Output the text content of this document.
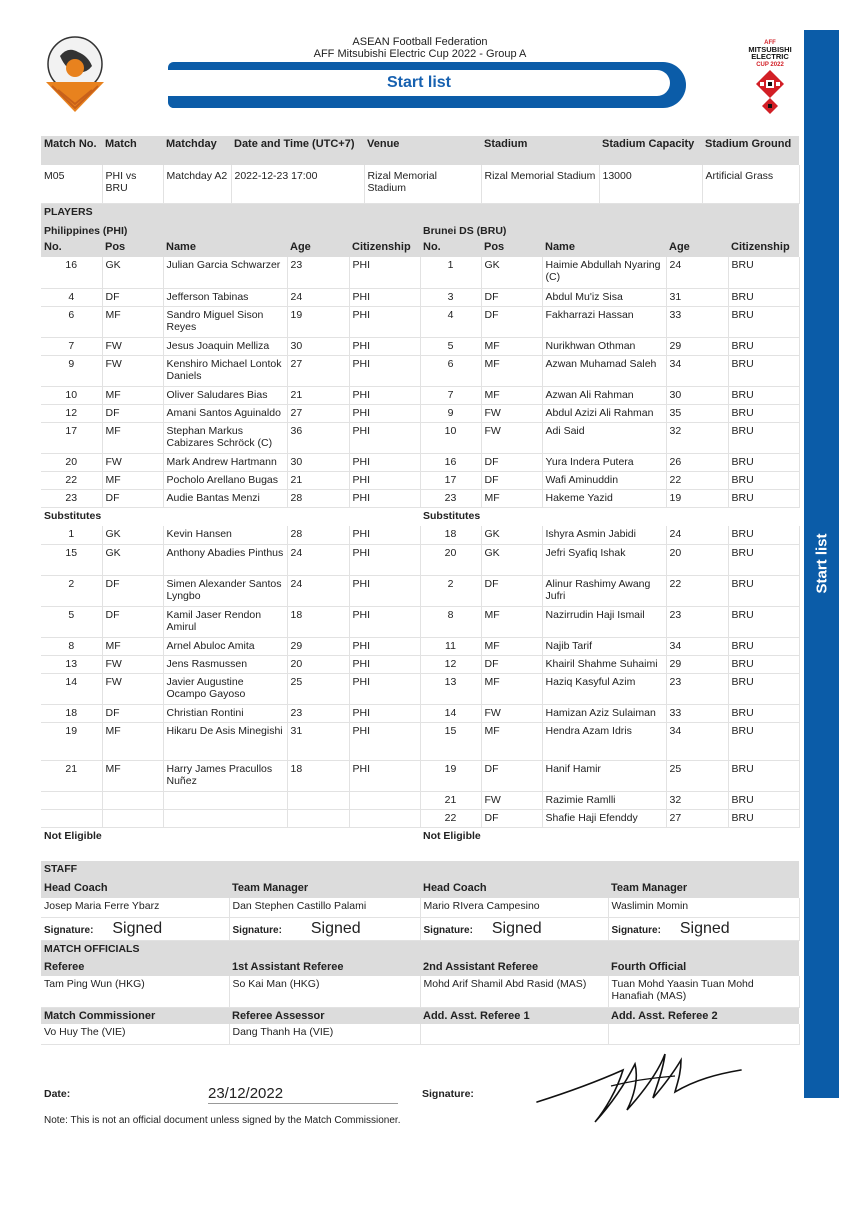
ASEAN Football Federation
AFF Mitsubishi Electric Cup 2022 - Group A
Start list
AFF
MITSUBISHI
ELECTRIC
CUP 2022
Start list
Match No.	Match	Matchday	Date and Time (UTC+7)	Venue	Stadium	Stadium Capacity	Stadium Ground
M05	PHI vs BRU	Matchday A2	2022-12-23 17:00	Rizal Memorial Stadium	Rizal Memorial Stadium	13000	Artificial Grass
PLAYERS									
Philippines (PHI)					Brunei DS (BRU)				
No.	Pos	Name	Age	Citizenship	No.	Pos	Name	Age	Citizenship
16	GK	Julian Garcia Schwarzer	23	PHI	1	GK	Haimie Abdullah Nyaring (C)	24	BRU
4	DF	Jefferson Tabinas	24	PHI	3	DF	Abdul Mu'iz Sisa	31	BRU
6	MF	Sandro Miguel Sison Reyes	19	PHI	4	DF	Fakharrazi Hassan	33	BRU
7	FW	Jesus Joaquin Melliza	30	PHI	5	MF	Nurikhwan Othman	29	BRU
9	FW	Kenshiro Michael Lontok Daniels	27	PHI	6	MF	Azwan Muhamad Saleh	34	BRU
10	MF	Oliver Saludares Bias	21	PHI	7	MF	Azwan Ali Rahman	30	BRU
12	DF	Amani Santos Aguinaldo	27	PHI	9	FW	Abdul Azizi Ali Rahman	35	BRU
17	MF	Stephan Markus Cabizares Schröck (C)	36	PHI	10	FW	Adi Said	32	BRU
20	FW	Mark Andrew Hartmann	30	PHI	16	DF	Yura Indera Putera	26	BRU
22	MF	Pocholo Arellano Bugas	21	PHI	17	DF	Wafi Aminuddin	22	BRU
23	DF	Audie Bantas Menzi	28	PHI	23	MF	Hakeme Yazid	19	BRU
Substitutes					Substitutes				
1	GK	Kevin Hansen	28	PHI	18	GK	Ishyra Asmin Jabidi	24	BRU
15	GK	Anthony Abadies Pinthus	24	PHI	20	GK	Jefri Syafiq Ishak	20	BRU
2	DF	Simen Alexander Santos Lyngbo	24	PHI	2	DF	Alinur Rashimy Awang Jufri	22	BRU
5	DF	Kamil Jaser Rendon Amirul	18	PHI	8	MF	Nazirrudin Haji Ismail	23	BRU
8	MF	Arnel Abuloc Amita	29	PHI	11	MF	Najib Tarif	34	BRU
13	FW	Jens Rasmussen	20	PHI	12	DF	Khairil Shahme Suhaimi	29	BRU
14	FW	Javier Augustine Ocampo Gayoso	25	PHI	13	MF	Haziq Kasyful Azim	23	BRU
18	DF	Christian Rontini	23	PHI	14	FW	Hamizan Aziz Sulaiman	33	BRU
19	MF	Hikaru De Asis Minegishi	31	PHI	15	MF	Hendra Azam Idris	34	BRU
21	MF	Harry James Pracullos Nuñez	18	PHI	19	DF	Hanif Hamir	25	BRU
					21	FW	Razimie Ramlli	32	BRU
					22	DF	Shafie Haji Efenddy	27	BRU
Not Eligible					Not Eligible				
STAFF			
Head Coach	Team Manager	Head Coach	Team Manager
Josep Maria Ferre Ybarz	Dan Stephen Castillo Palami	Mario RIvera Campesino	Waslimin Momin
Signature: Signed	Signature: Signed	Signature: Signed	Signature: Signed
MATCH OFFICIALS			
Referee	1st Assistant Referee	2nd Assistant Referee	Fourth Official
Tam Ping Wun (HKG)	So Kai Man (HKG)	Mohd Arif Shamil Abd Rasid (MAS)	Tuan Mohd Yaasin Tuan Mohd Hanafiah (MAS)
Match Commissioner	Referee Assessor	Add. Asst. Referee 1	Add. Asst. Referee 2
Vo Huy The (VIE)	Dang Thanh Ha (VIE)		
Date:	23/12/2022	Signature:
Note: This is not an official document unless signed by the Match Commissioner.
